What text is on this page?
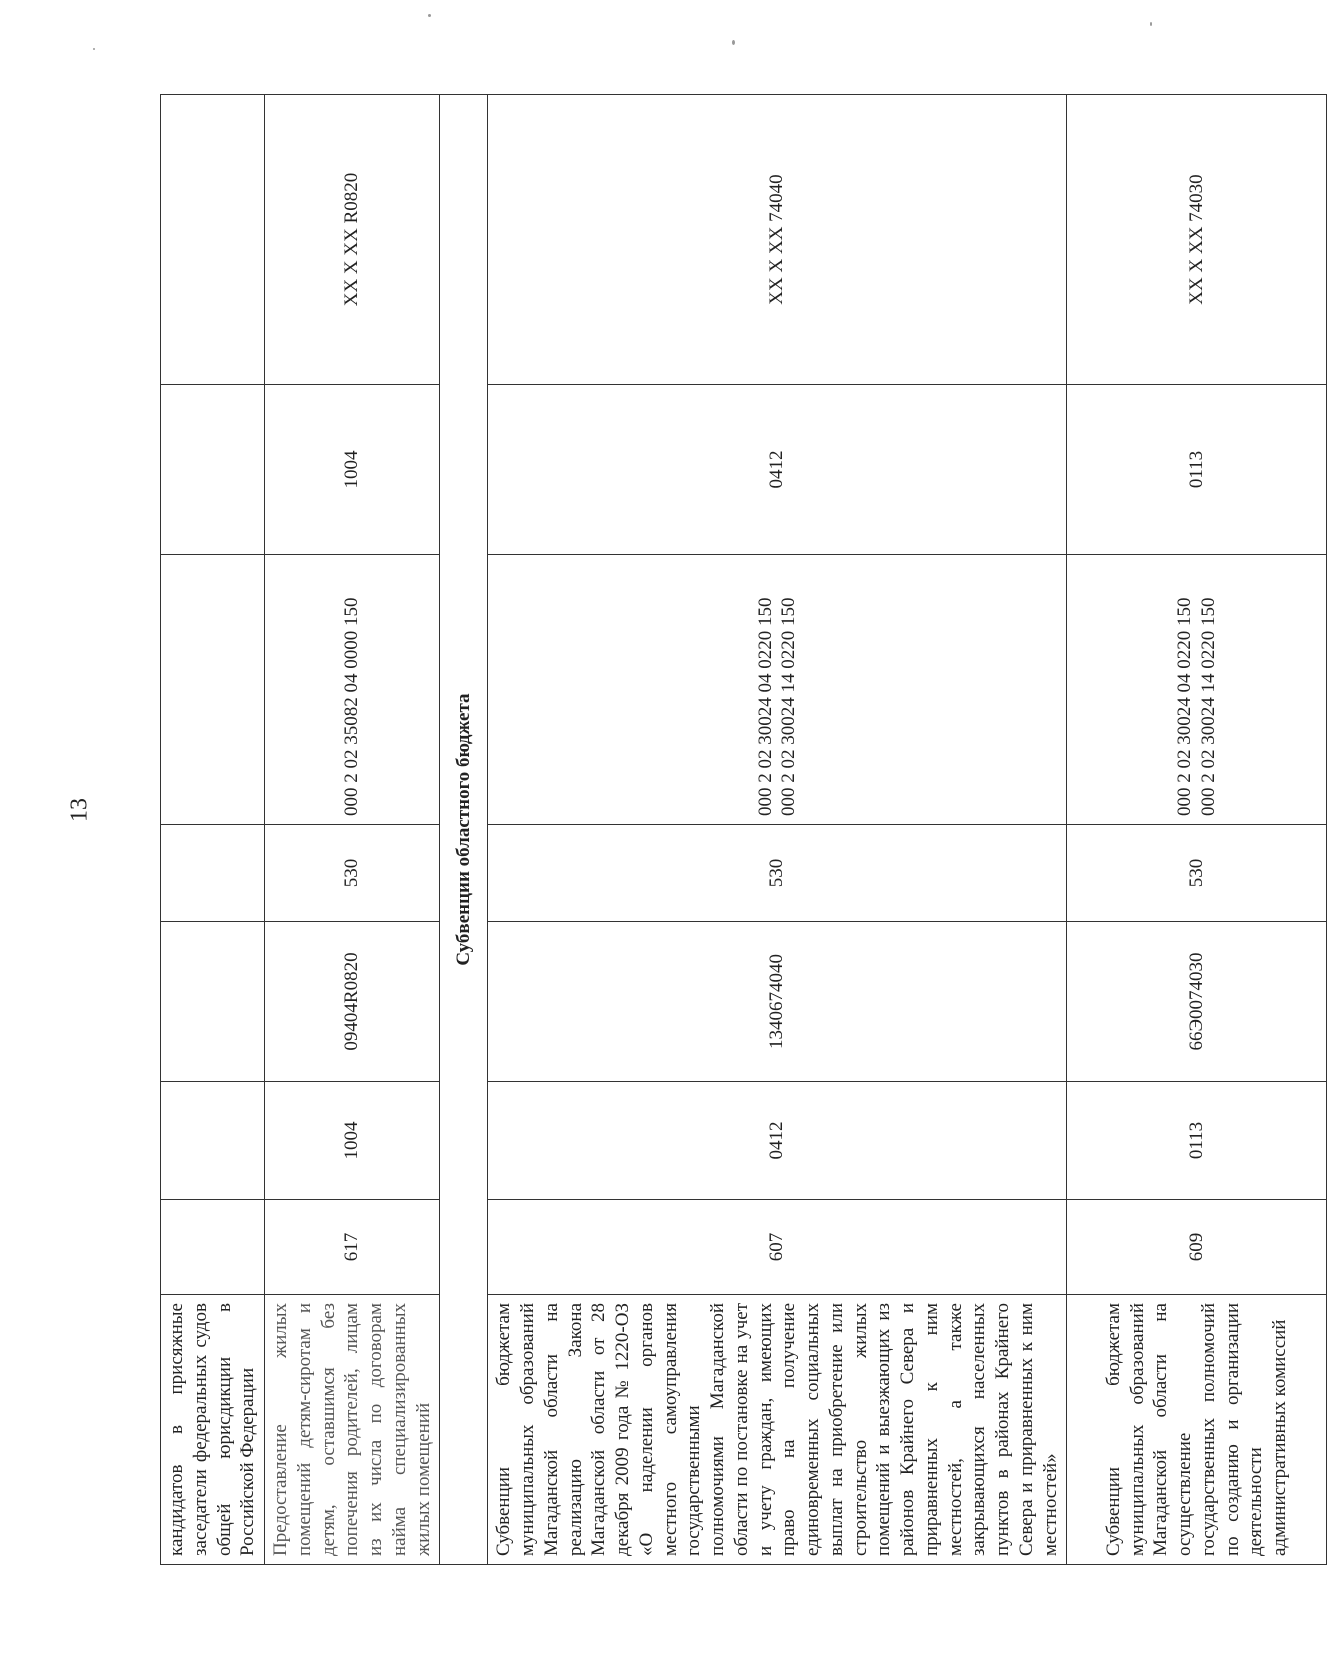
13
кандидатов в присяжные заседатели федеральных судов общей юрисдикции в Российской Федерации							
Предоставление жилых помещений детям-сиротам и детям, оставшимся без попечения родителей, лицам из их числа по договорам найма специализированных жилых помещений	617	1004	09404R0820	530	000 2 02 35082 04 0000 150	1004	XX X XX R0820
Субвенции областного бюджета							
Субвенции бюджетам муниципальных образований Магаданской области на реализацию Закона Магаданской области от 28 декабря 2009 года № 1220-ОЗ «О наделении органов местного самоуправления государственными полномочиями Магаданской области по постановке на учет и учету граждан, имеющих право на получение единовременных социальных выплат на приобретение или строительство жилых помещений и выезжающих из районов Крайнего Севера и приравненных к ним местностей, а также закрывающихся населенных пунктов в районах Крайнего Севера и приравненных к ним местностей»	607	0412	1340674040	530	000 2 02 30024 04 0220 150 000 2 02 30024 14 0220 150	0412	XX X XX 74040
Субвенции бюджетам муниципальных образований Магаданской области на осуществление государственных полномочий по созданию и организации деятельности административных комиссий	609	0113	66Э0074030	530	000 2 02 30024 04 0220 150 000 2 02 30024 14 0220 150	0113	XX X XX 74030
